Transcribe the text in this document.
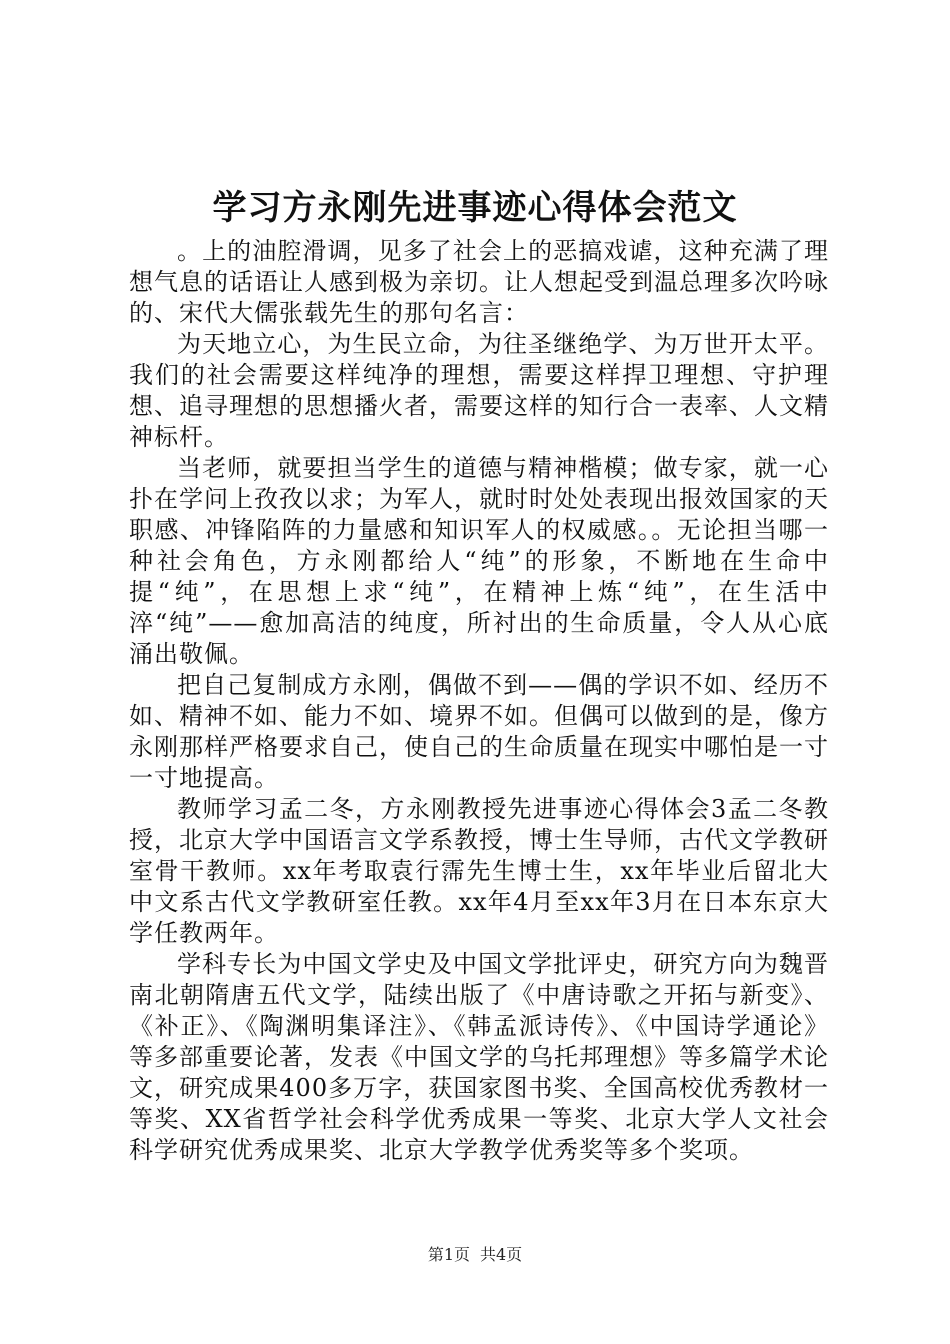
学习方永刚先进事迹心得体会范文

。上的油腔滑调，见多了社会上的恶搞戏谑，这种充满了理想气息的话语让人感到极为亲切。让人想起受到温总理多次吟咏的、宋代大儒张载先生的那句名言：

为天地立心，为生民立命，为往圣继绝学、为万世开太平。我们的社会需要这样纯净的理想，需要这样捍卫理想、守护理想、追寻理想的思想播火者，需要这样的知行合一表率、人文精神标杆。

当老师，就要担当学生的道德与精神楷模；做专家，就一心扑在学问上孜孜以求；为军人，就时时处处表现出报效国家的天职感、冲锋陷阵的力量感和知识军人的权威感。。无论担当哪一种社会角色，方永刚都给人“纯”的形象，不断地在生命中提“纯”，在思想上求“纯”，在精神上炼“纯”，在生活中淬“纯”——愈加高洁的纯度，所衬出的生命质量，令人从心底涌出敬佩。

把自己复制成方永刚，偶做不到——偶的学识不如、经历不如、精神不如、能力不如、境界不如。但偶可以做到的是，像方永刚那样严格要求自己，使自己的生命质量在现实中哪怕是一寸一寸地提高。

教师学习孟二冬，方永刚教授先进事迹心得体会3孟二冬教授，北京大学中国语言文学系教授，博士生导师，古代文学教研室骨干教师。xx年考取袁行霈先生博士生，xx年毕业后留北大中文系古代文学教研室任教。xx年4月至xx年3月在日本东京大学任教两年。

学科专长为中国文学史及中国文学批评史，研究方向为魏晋南北朝隋唐五代文学，陆续出版了《中唐诗歌之开拓与新变》、《补正》、《陶渊明集译注》、《韩孟派诗传》、《中国诗学通论》等多部重要论著，发表《中国文学的乌托邦理想》等多篇学术论文，研究成果400多万字，获国家图书奖、全国高校优秀教材一等奖、XX省哲学社会科学优秀成果一等奖、北京大学人文社会科学研究优秀成果奖、北京大学教学优秀奖等多个奖项。

第1页 共4页
